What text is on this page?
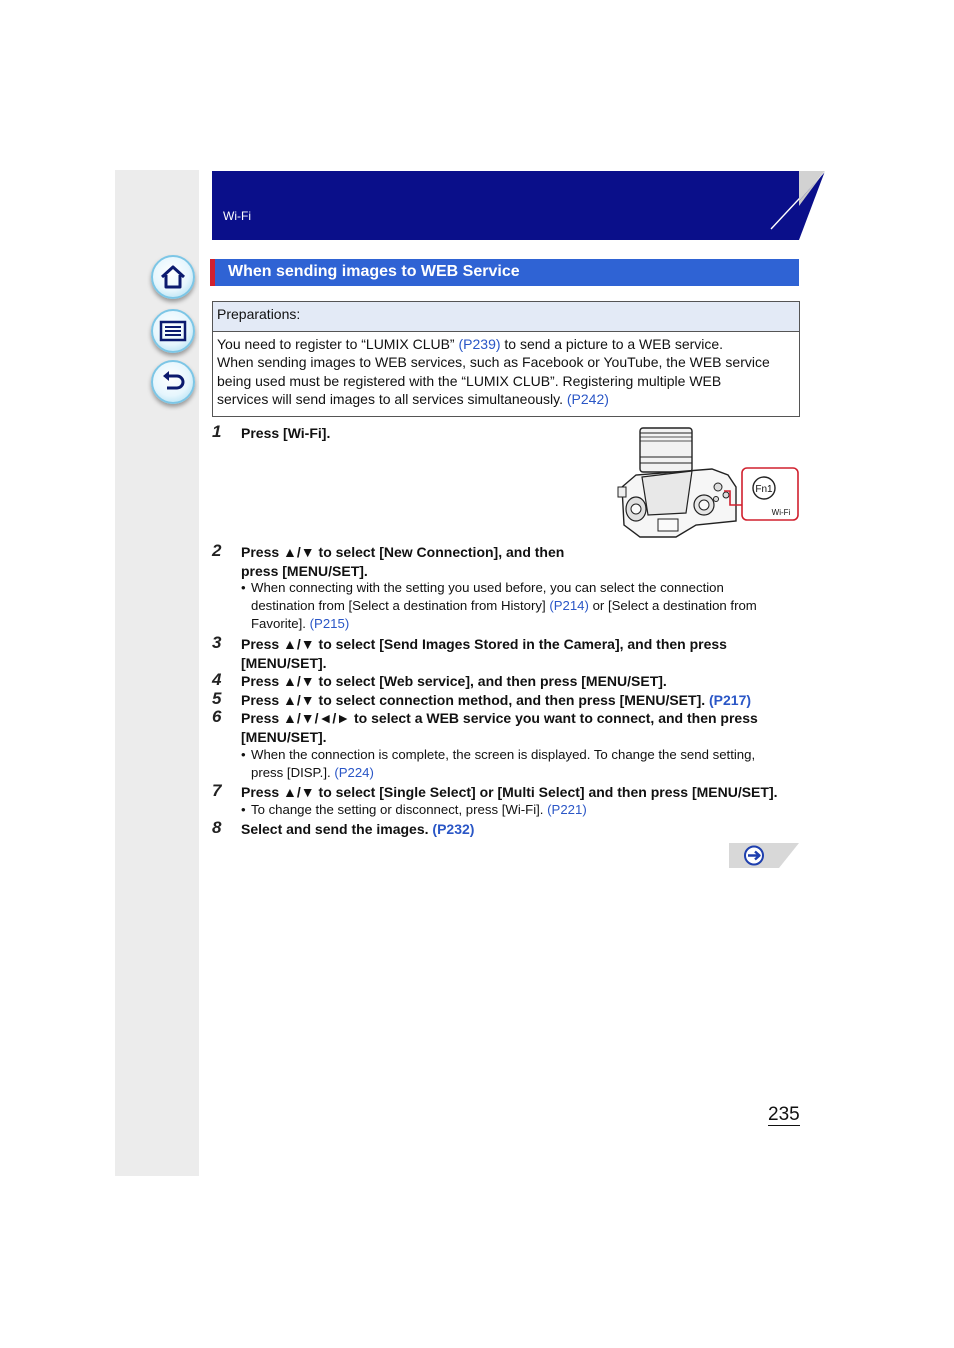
Wi-Fi
When sending images to WEB Service
Preparations:
You need to register to “LUMIX CLUB” (P239) to send a picture to a WEB service.
When sending images to WEB services, such as Facebook or YouTube, the WEB service
being used must be registered with the “LUMIX CLUB”. Registering multiple WEB
services will send images to all services simultaneously. (P242)
1	Press [Wi-Fi].
Fn1
Wi-Fi
2	Press ▲/▼ to select [New Connection], and then
press [MENU/SET].
• When connecting with the setting you used before, you can select the connection
destination from [Select a destination from History] (P214) or [Select a destination from
Favorite]. (P215)
3	Press ▲/▼ to select [Send Images Stored in the Camera], and then press
[MENU/SET].
4	Press ▲/▼ to select [Web service], and then press [MENU/SET].
5	Press ▲/▼ to select connection method, and then press [MENU/SET]. (P217)
6	Press ▲/▼/◄/► to select a WEB service you want to connect, and then press
[MENU/SET].
• When the connection is complete, the screen is displayed. To change the send setting,
press [DISP.]. (P224)
7	Press ▲/▼ to select [Single Select] or [Multi Select] and then press [MENU/SET].
• To change the setting or disconnect, press [Wi-Fi]. (P221)
8	Select and send the images. (P232)
235
